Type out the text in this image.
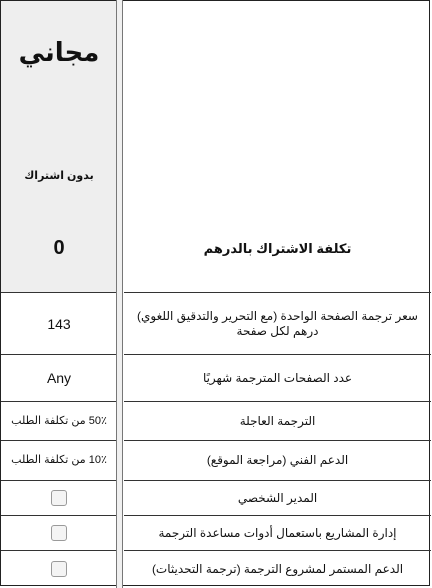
مجاني
بدون اشتراك
0	تكلفة الاشتراك بالدرهم
143	سعر ترجمة الصفحة الواحدة (مع التحرير والتدقيق اللغوي) درهم لكل صفحة
Any	عدد الصفحات المترجمة شهريًا
50٪ من تكلفة الطلب	الترجمة العاجلة
10٪ من تكلفة الطلب	الدعم الفني (مراجعة الموقع)
المدير الشخصي
إدارة المشاريع باستعمال أدوات مساعدة الترجمة
الدعم المستمر لمشروع الترجمة (ترجمة التحديثات)
